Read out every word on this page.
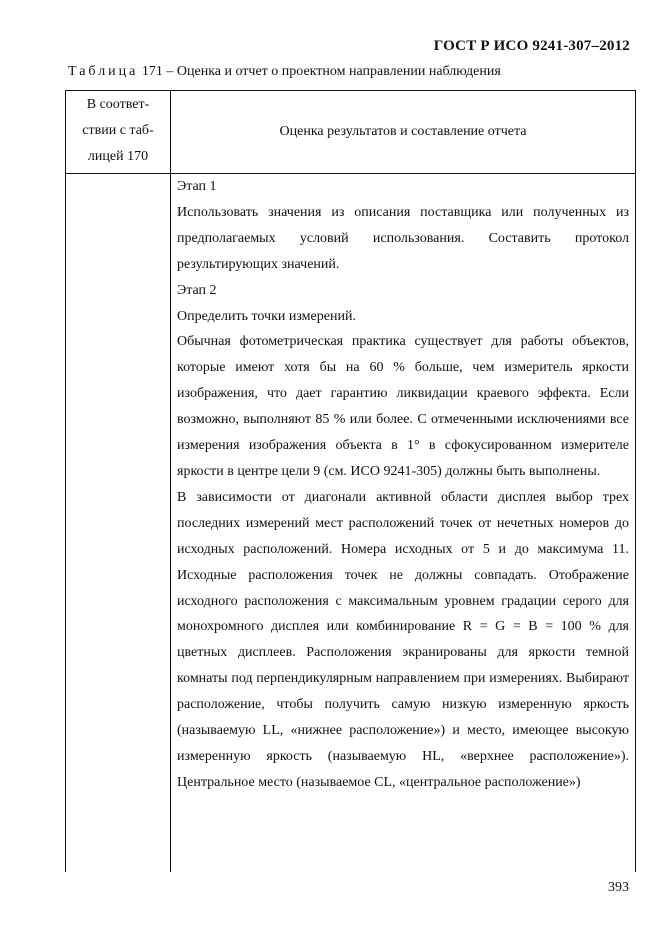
ГОСТ Р ИСО 9241-307–2012
Таблица 171 – Оценка и отчет о проектном направлении наблюдения
В соответ-
ствии с таб-
лицей 170
Оценка результатов и составление отчета

Этап 1

Использовать значения из описания поставщика или полученных из предполагаемых условий использования. Составить протокол результирующих значений.

Этап 2

Определить точки измерений.

Обычная фотометрическая практика существует для работы объектов, которые имеют хотя бы на 60 % больше, чем измеритель яркости изображения, что дает гарантию ликвидации краевого эффекта. Если возможно, выполняют 85 % или более. С отмеченными исключениями все измерения изображения объекта в 1° в сфокусированном измерителе яркости в центре цели 9 (см. ИСО 9241-305) должны быть выполнены.

В зависимости от диагонали активной области дисплея выбор трех последних измерений мест расположений точек от нечетных номеров до исходных расположений. Номера исходных от 5 и до максимума 11. Исходные расположения точек не должны совпадать. Отображение исходного расположения с максимальным уровнем градации серого для монохромного дисплея или комбинирование R = G = B = 100 % для цветных дисплеев. Расположения экранированы для яркости темной комнаты под перпендикулярным направлением при измерениях. Выбирают расположение, чтобы получить самую низкую измеренную яркость (называемую LL, «нижнее расположение») и место, имеющее высокую измеренную яркость (называемую HL, «верхнее расположение»). Центральное место (называемое CL, «центральное расположение»)

393
